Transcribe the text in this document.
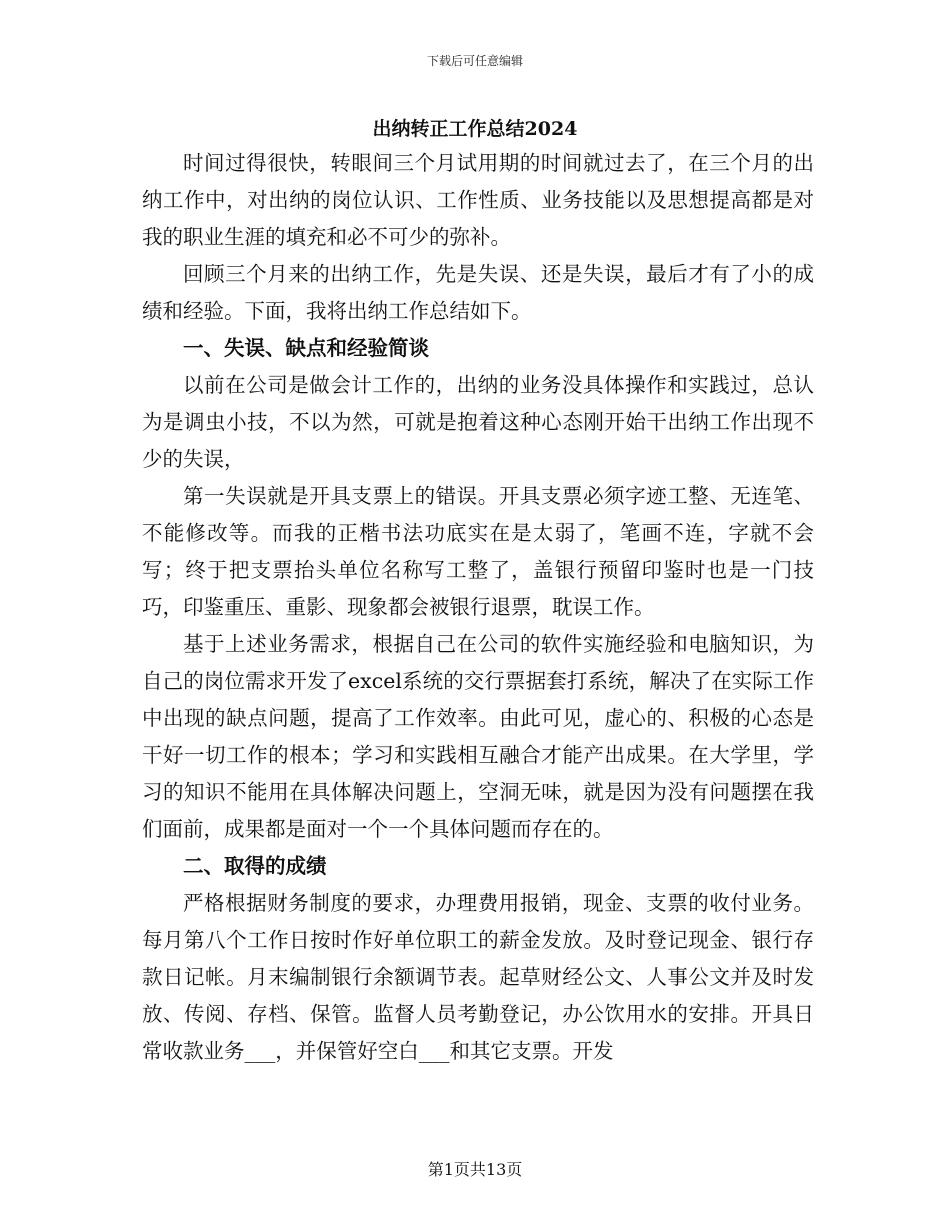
下载后可任意编辑
出纳转正工作总结2024

时间过得很快，转眼间三个月试用期的时间就过去了，在三个月的出纳工作中，对出纳的岗位认识、工作性质、业务技能以及思想提高都是对我的职业生涯的填充和必不可少的弥补。

回顾三个月来的出纳工作，先是失误、还是失误，最后才有了小的成绩和经验。下面，我将出纳工作总结如下。

一、失误、缺点和经验简谈

以前在公司是做会计工作的，出纳的业务没具体操作和实践过，总认为是调虫小技，不以为然，可就是抱着这种心态刚开始干出纳工作出现不少的失误，

第一失误就是开具支票上的错误。开具支票必须字迹工整、无连笔、不能修改等。而我的正楷书法功底实在是太弱了，笔画不连，字就不会写；终于把支票抬头单位名称写工整了，盖银行预留印鉴时也是一门技巧，印鉴重压、重影、现象都会被银行退票，耽误工作。

基于上述业务需求，根据自己在公司的软件实施经验和电脑知识，为自己的岗位需求开发了excel系统的交行票据套打系统，解决了在实际工作中出现的缺点问题，提高了工作效率。由此可见，虚心的、积极的心态是干好一切工作的根本；学习和实践相互融合才能产出成果。在大学里，学习的知识不能用在具体解决问题上，空洞无味，就是因为没有问题摆在我们面前，成果都是面对一个一个具体问题而存在的。

二、取得的成绩

严格根据财务制度的要求，办理费用报销，现金、支票的收付业务。每月第八个工作日按时作好单位职工的薪金发放。及时登记现金、银行存款日记帐。月末编制银行余额调节表。起草财经公文、人事公文并及时发放、传阅、存档、保管。监督人员考勤登记，办公饮用水的安排。开具日常收款业务___，并保管好空白___和其它支票。开发

第1页共13页
